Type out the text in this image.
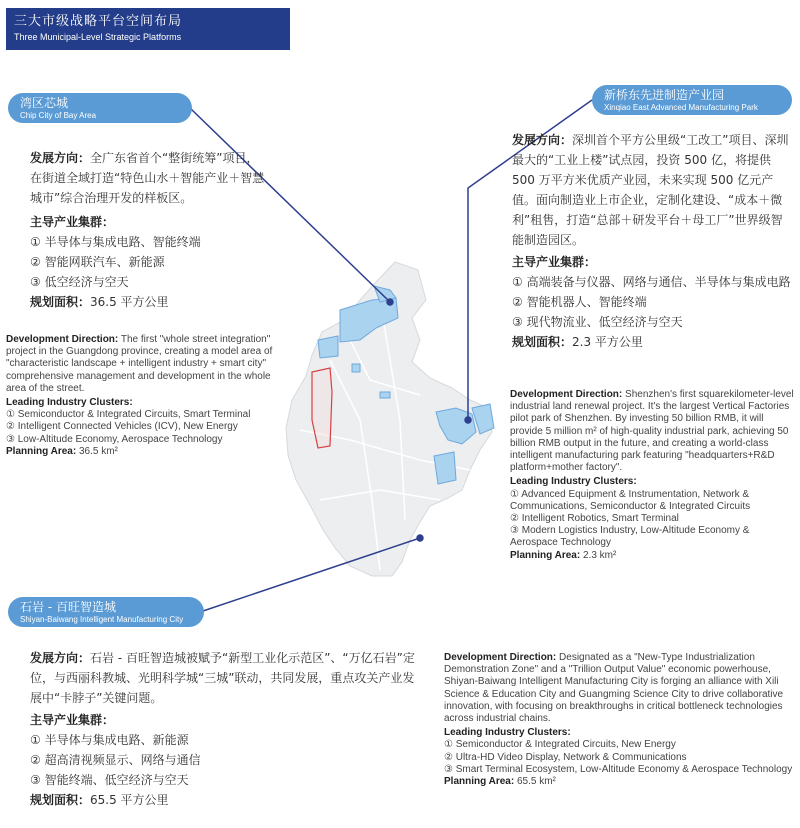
三大市级战略平台空间布局
Three Municipal-Level Strategic Platforms
湾区芯城
Chip City of Bay Area
发展方向：全广东省首个“整街统筹”项目，在街道全域打造“特色山水＋智能产业＋智慧城市”综合治理开发的样板区。
主导产业集群：
① 半导体与集成电路、智能终端
② 智能网联汽车、新能源
③ 低空经济与空天
规划面积：36.5 平方公里
Development Direction: The first "whole street integration" project in the Guangdong province, creating a model area of "characteristic landscape + intelligent industry + smart city" comprehensive management and development in the whole area of the street.
Leading Industry Clusters:
① Semiconductor & Integrated Circuits, Smart Terminal
② Intelligent Connected Vehicles (ICV), New Energy
③ Low-Altitude Economy, Aerospace Technology
Planning Area: 36.5 km²
新桥东先进制造产业园
Xinqiao East Advanced Manufacturing Park
发展方向：深圳首个平方公里级“工改工”项目、深圳最大的“工业上楼”试点园，投资 500 亿，将提供 500 万平方米优质产业园，未来实现 500 亿元产值。面向制造业上市企业，定制化建设、“成本＋微利”租售，打造“总部＋研发平台＋母工厂”世界级智能制造园区。
主导产业集群：
① 高端装备与仪器、网络与通信、半导体与集成电路
② 智能机器人、智能终端
③ 现代物流业、低空经济与空天
规划面积：2.3 平方公里
Development Direction: Shenzhen's first squarekilometer-level industrial land renewal project. It's the largest Vertical Factories pilot park of Shenzhen. By investing 50 billion RMB, it will provide 5 million m² of high-quality industrial park, achieving 50 billion RMB output in the future, and creating a world-class intelligent manufacturing park featuring "headquarters+R&D platform+mother factory".
Leading Industry Clusters:
① Advanced Equipment & Instrumentation, Network & Communications, Semiconductor & Integrated Circuits
② Intelligent Robotics, Smart Terminal
③ Modern Logistics Industry, Low-Altitude Economy & Aerospace Technology
Planning Area: 2.3 km²
石岩 - 百旺智造城
Shiyan-Baiwang Intelligent Manufacturing City
发展方向：石岩 - 百旺智造城被赋予“新型工业化示范区”、“万亿石岩”定位，与西丽科教城、光明科学城“三城”联动，共同发展，重点攻关产业发展中“卡脖子”关键问题。
主导产业集群：
① 半导体与集成电路、新能源
② 超高清视频显示、网络与通信
③ 智能终端、低空经济与空天
规划面积：65.5 平方公里
Development Direction: Designated as a "New-Type Industrialization Demonstration Zone" and a "Trillion Output Value" economic powerhouse, Shiyan-Baiwang Intelligent Manufacturing City is forging an alliance with Xili Science & Education City and Guangming Science City to drive collaborative innovation, with focusing on breakthroughs in critical bottleneck technologies across industrial chains.
Leading Industry Clusters:
① Semiconductor & Integrated Circuits, New Energy
② Ultra-HD Video Display, Network & Communications
③ Smart Terminal Ecosystem, Low-Altitude Economy & Aerospace Technology
Planning Area: 65.5 km²
